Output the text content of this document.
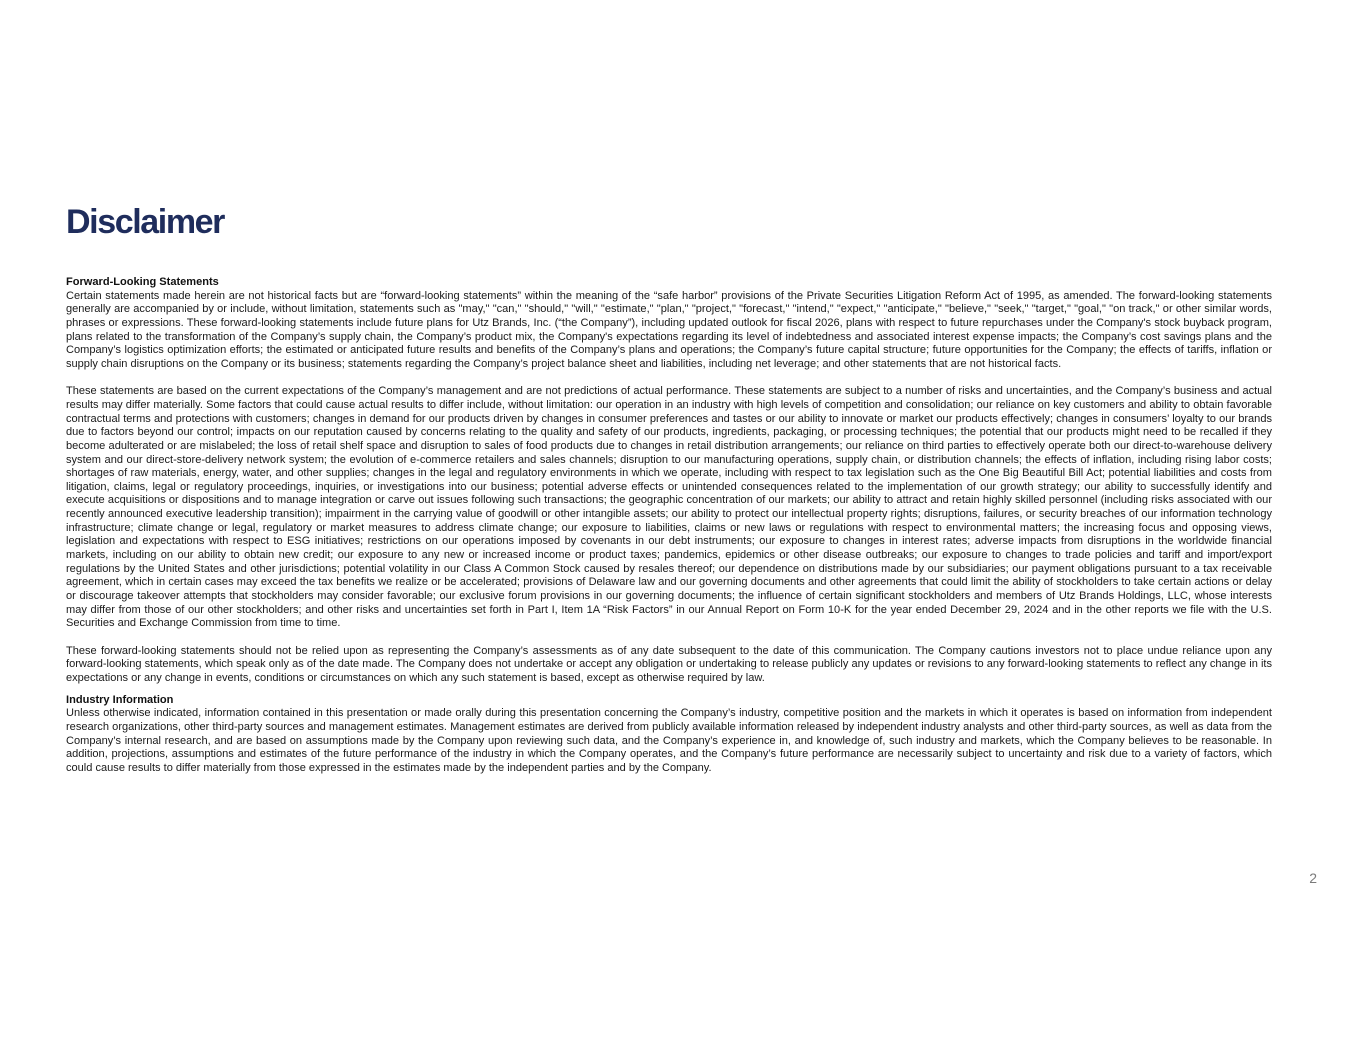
Disclaimer
Forward-Looking Statements

Certain statements made herein are not historical facts but are “forward-looking statements” within the meaning of the “safe harbor” provisions of the Private Securities Litigation Reform Act of 1995, as amended. The forward-looking statements generally are accompanied by or include, without limitation, statements such as "may," "can," "should," "will," "estimate," "plan," "project," "forecast," "intend," "expect," "anticipate," "believe," "seek," "target," "goal," "on track," or other similar words, phrases or expressions. These forward-looking statements include future plans for Utz Brands, Inc. (“the Company”), including updated outlook for fiscal 2026, plans with respect to future repurchases under the Company's stock buyback program, plans related to the transformation of the Company’s supply chain, the Company’s product mix, the Company's expectations regarding its level of indebtedness and associated interest expense impacts; the Company’s cost savings plans and the Company’s logistics optimization efforts; the estimated or anticipated future results and benefits of the Company’s plans and operations; the Company’s future capital structure; future opportunities for the Company; the effects of tariffs, inflation or supply chain disruptions on the Company or its business; statements regarding the Company’s project balance sheet and liabilities, including net leverage; and other statements that are not historical facts.

These statements are based on the current expectations of the Company’s management and are not predictions of actual performance. These statements are subject to a number of risks and uncertainties, and the Company’s business and actual results may differ materially. Some factors that could cause actual results to differ include, without limitation: our operation in an industry with high levels of competition and consolidation; our reliance on key customers and ability to obtain favorable contractual terms and protections with customers; changes in demand for our products driven by changes in consumer preferences and tastes or our ability to innovate or market our products effectively; changes in consumers’ loyalty to our brands due to factors beyond our control; impacts on our reputation caused by concerns relating to the quality and safety of our products, ingredients, packaging, or processing techniques; the potential that our products might need to be recalled if they become adulterated or are mislabeled; the loss of retail shelf space and disruption to sales of food products due to changes in retail distribution arrangements; our reliance on third parties to effectively operate both our direct-to-warehouse delivery system and our direct-store-delivery network system; the evolution of e-commerce retailers and sales channels; disruption to our manufacturing operations, supply chain, or distribution channels; the effects of inflation, including rising labor costs; shortages of raw materials, energy, water, and other supplies; changes in the legal and regulatory environments in which we operate, including with respect to tax legislation such as the One Big Beautiful Bill Act; potential liabilities and costs from litigation, claims, legal or regulatory proceedings, inquiries, or investigations into our business; potential adverse effects or unintended consequences related to the implementation of our growth strategy; our ability to successfully identify and execute acquisitions or dispositions and to manage integration or carve out issues following such transactions; the geographic concentration of our markets; our ability to attract and retain highly skilled personnel (including risks associated with our recently announced executive leadership transition); impairment in the carrying value of goodwill or other intangible assets; our ability to protect our intellectual property rights; disruptions, failures, or security breaches of our information technology infrastructure; climate change or legal, regulatory or market measures to address climate change; our exposure to liabilities, claims or new laws or regulations with respect to environmental matters; the increasing focus and opposing views, legislation and expectations with respect to ESG initiatives; restrictions on our operations imposed by covenants in our debt instruments; our exposure to changes in interest rates; adverse impacts from disruptions in the worldwide financial markets, including on our ability to obtain new credit; our exposure to any new or increased income or product taxes; pandemics, epidemics or other disease outbreaks; our exposure to changes to trade policies and tariff and import/export regulations by the United States and other jurisdictions; potential volatility in our Class A Common Stock caused by resales thereof; our dependence on distributions made by our subsidiaries; our payment obligations pursuant to a tax receivable agreement, which in certain cases may exceed the tax benefits we realize or be accelerated; provisions of Delaware law and our governing documents and other agreements that could limit the ability of stockholders to take certain actions or delay or discourage takeover attempts that stockholders may consider favorable; our exclusive forum provisions in our governing documents; the influence of certain significant stockholders and members of Utz Brands Holdings, LLC, whose interests may differ from those of our other stockholders; and other risks and uncertainties set forth in Part I, Item 1A “Risk Factors” in our Annual Report on Form 10-K for the year ended December 29, 2024 and in the other reports we file with the U.S. Securities and Exchange Commission from time to time.

These forward-looking statements should not be relied upon as representing the Company’s assessments as of any date subsequent to the date of this communication. The Company cautions investors not to place undue reliance upon any forward-looking statements, which speak only as of the date made. The Company does not undertake or accept any obligation or undertaking to release publicly any updates or revisions to any forward-looking statements to reflect any change in its expectations or any change in events, conditions or circumstances on which any such statement is based, except as otherwise required by law.

Industry Information

Unless otherwise indicated, information contained in this presentation or made orally during this presentation concerning the Company’s industry, competitive position and the markets in which it operates is based on information from independent research organizations, other third-party sources and management estimates. Management estimates are derived from publicly available information released by independent industry analysts and other third-party sources, as well as data from the Company’s internal research, and are based on assumptions made by the Company upon reviewing such data, and the Company’s experience in, and knowledge of, such industry and markets, which the Company believes to be reasonable. In addition, projections, assumptions and estimates of the future performance of the industry in which the Company operates, and the Company’s future performance are necessarily subject to uncertainty and risk due to a variety of factors, which could cause results to differ materially from those expressed in the estimates made by the independent parties and by the Company.

2
